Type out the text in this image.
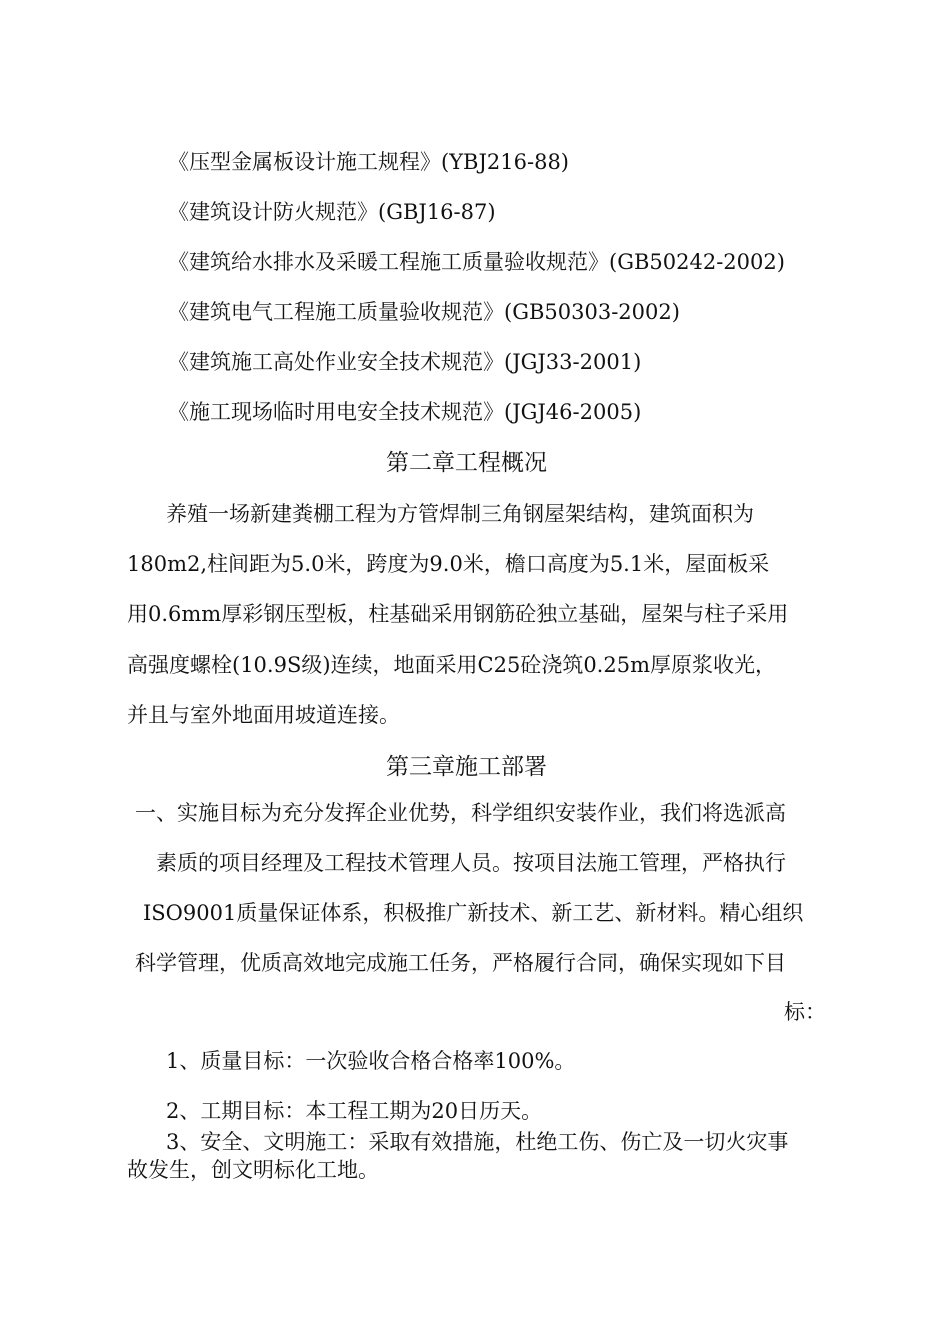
《压型金属板设计施工规程》(YBJ216-88)
《建筑设计防火规范》(GBJ16-87)
《建筑给水排水及采暖工程施工质量验收规范》(GB50242-2002)
《建筑电气工程施工质量验收规范》(GB50303-2002)
《建筑施工高处作业安全技术规范》(JGJ33-2001)
《施工现场临时用电安全技术规范》(JGJ46-2005)
第二章工程概况
养殖一场新建粪棚工程为方管焊制三角钢屋架结构，建筑面积为
180m2,柱间距为5.0米，跨度为9.0米，檐口高度为5.1米，屋面板采
用0.6mm厚彩钢压型板，柱基础采用钢筋砼独立基础，屋架与柱子采用
高强度螺栓(10.9S级)连续，地面采用C25砼浇筑0.25m厚原浆收光，
并且与室外地面用坡道连接。
第三章施工部署
一、实施目标为充分发挥企业优势，科学组织安装作业，我们将选派高
素质的项目经理及工程技术管理人员。按项目法施工管理，严格执行
ISO9001质量保证体系，积极推广新技术、新工艺、新材料。精心组织
科学管理，优质高效地完成施工任务，严格履行合同，确保实现如下目
标：
1、质量目标：一次验收合格合格率100%。
2、工期目标：本工程工期为20日历天。
3、安全、文明施工：采取有效措施，杜绝工伤、伤亡及一切火灾事
故发生，创文明标化工地。
